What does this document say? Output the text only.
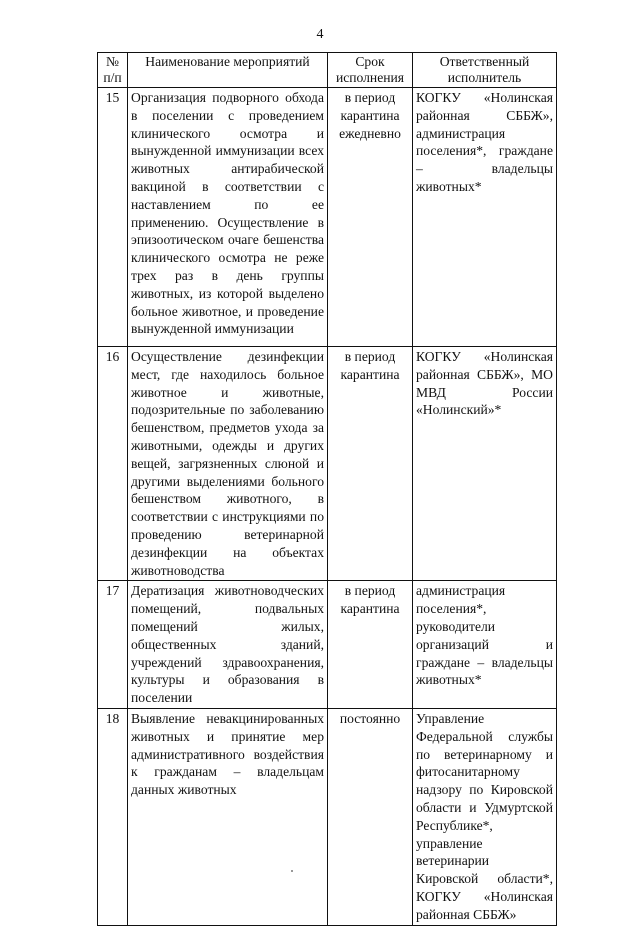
4
№ п/п	Наименование мероприятий	Срок исполнения	Ответственный исполнитель
15	Организация подворного обхода в поселении с проведением клинического осмотра и вынужденной иммунизации всех животных антирабической вакциной в соответствии с наставлением по ее применению. Осуществление в эпизоотическом очаге бешенства клинического осмотра не реже трех раз в день группы животных, из которой выделено больное животное, и проведение вынужденной иммунизации	в период карантина ежедневно	КОГКУ «Нолинская районная СББЖ», администрация поселения*, граждане – владельцы животных*
16	Осуществление дезинфекции мест, где находилось больное животное и животные, подозрительные по заболеванию бешенством, предметов ухода за животными, одежды и других вещей, загрязненных слюной и другими выделениями больного бешенством животного, в соответствии с инструкциями по проведению ветеринарной дезинфекции на объектах животноводства	в период карантина	КОГКУ «Нолинская районная СББЖ», МО МВД России «Нолинский»*
17	Дератизация животноводческих помещений, подвальных помещений жилых, общественных зданий, учреждений здравоохранения, культуры и образования в поселении	в период карантина	администрация поселения*, руководители организаций и граждане – владельцы животных*
18	Выявление невакцинированных животных и принятие мер административного воздействия к гражданам – владельцам данных животных	постоянно	Управление Федеральной службы по ветеринарному и фитосанитарному надзору по Кировской области и Удмуртской Республике*, управление ветеринарии Кировской области*, КОГКУ «Нолинская районная СББЖ»
